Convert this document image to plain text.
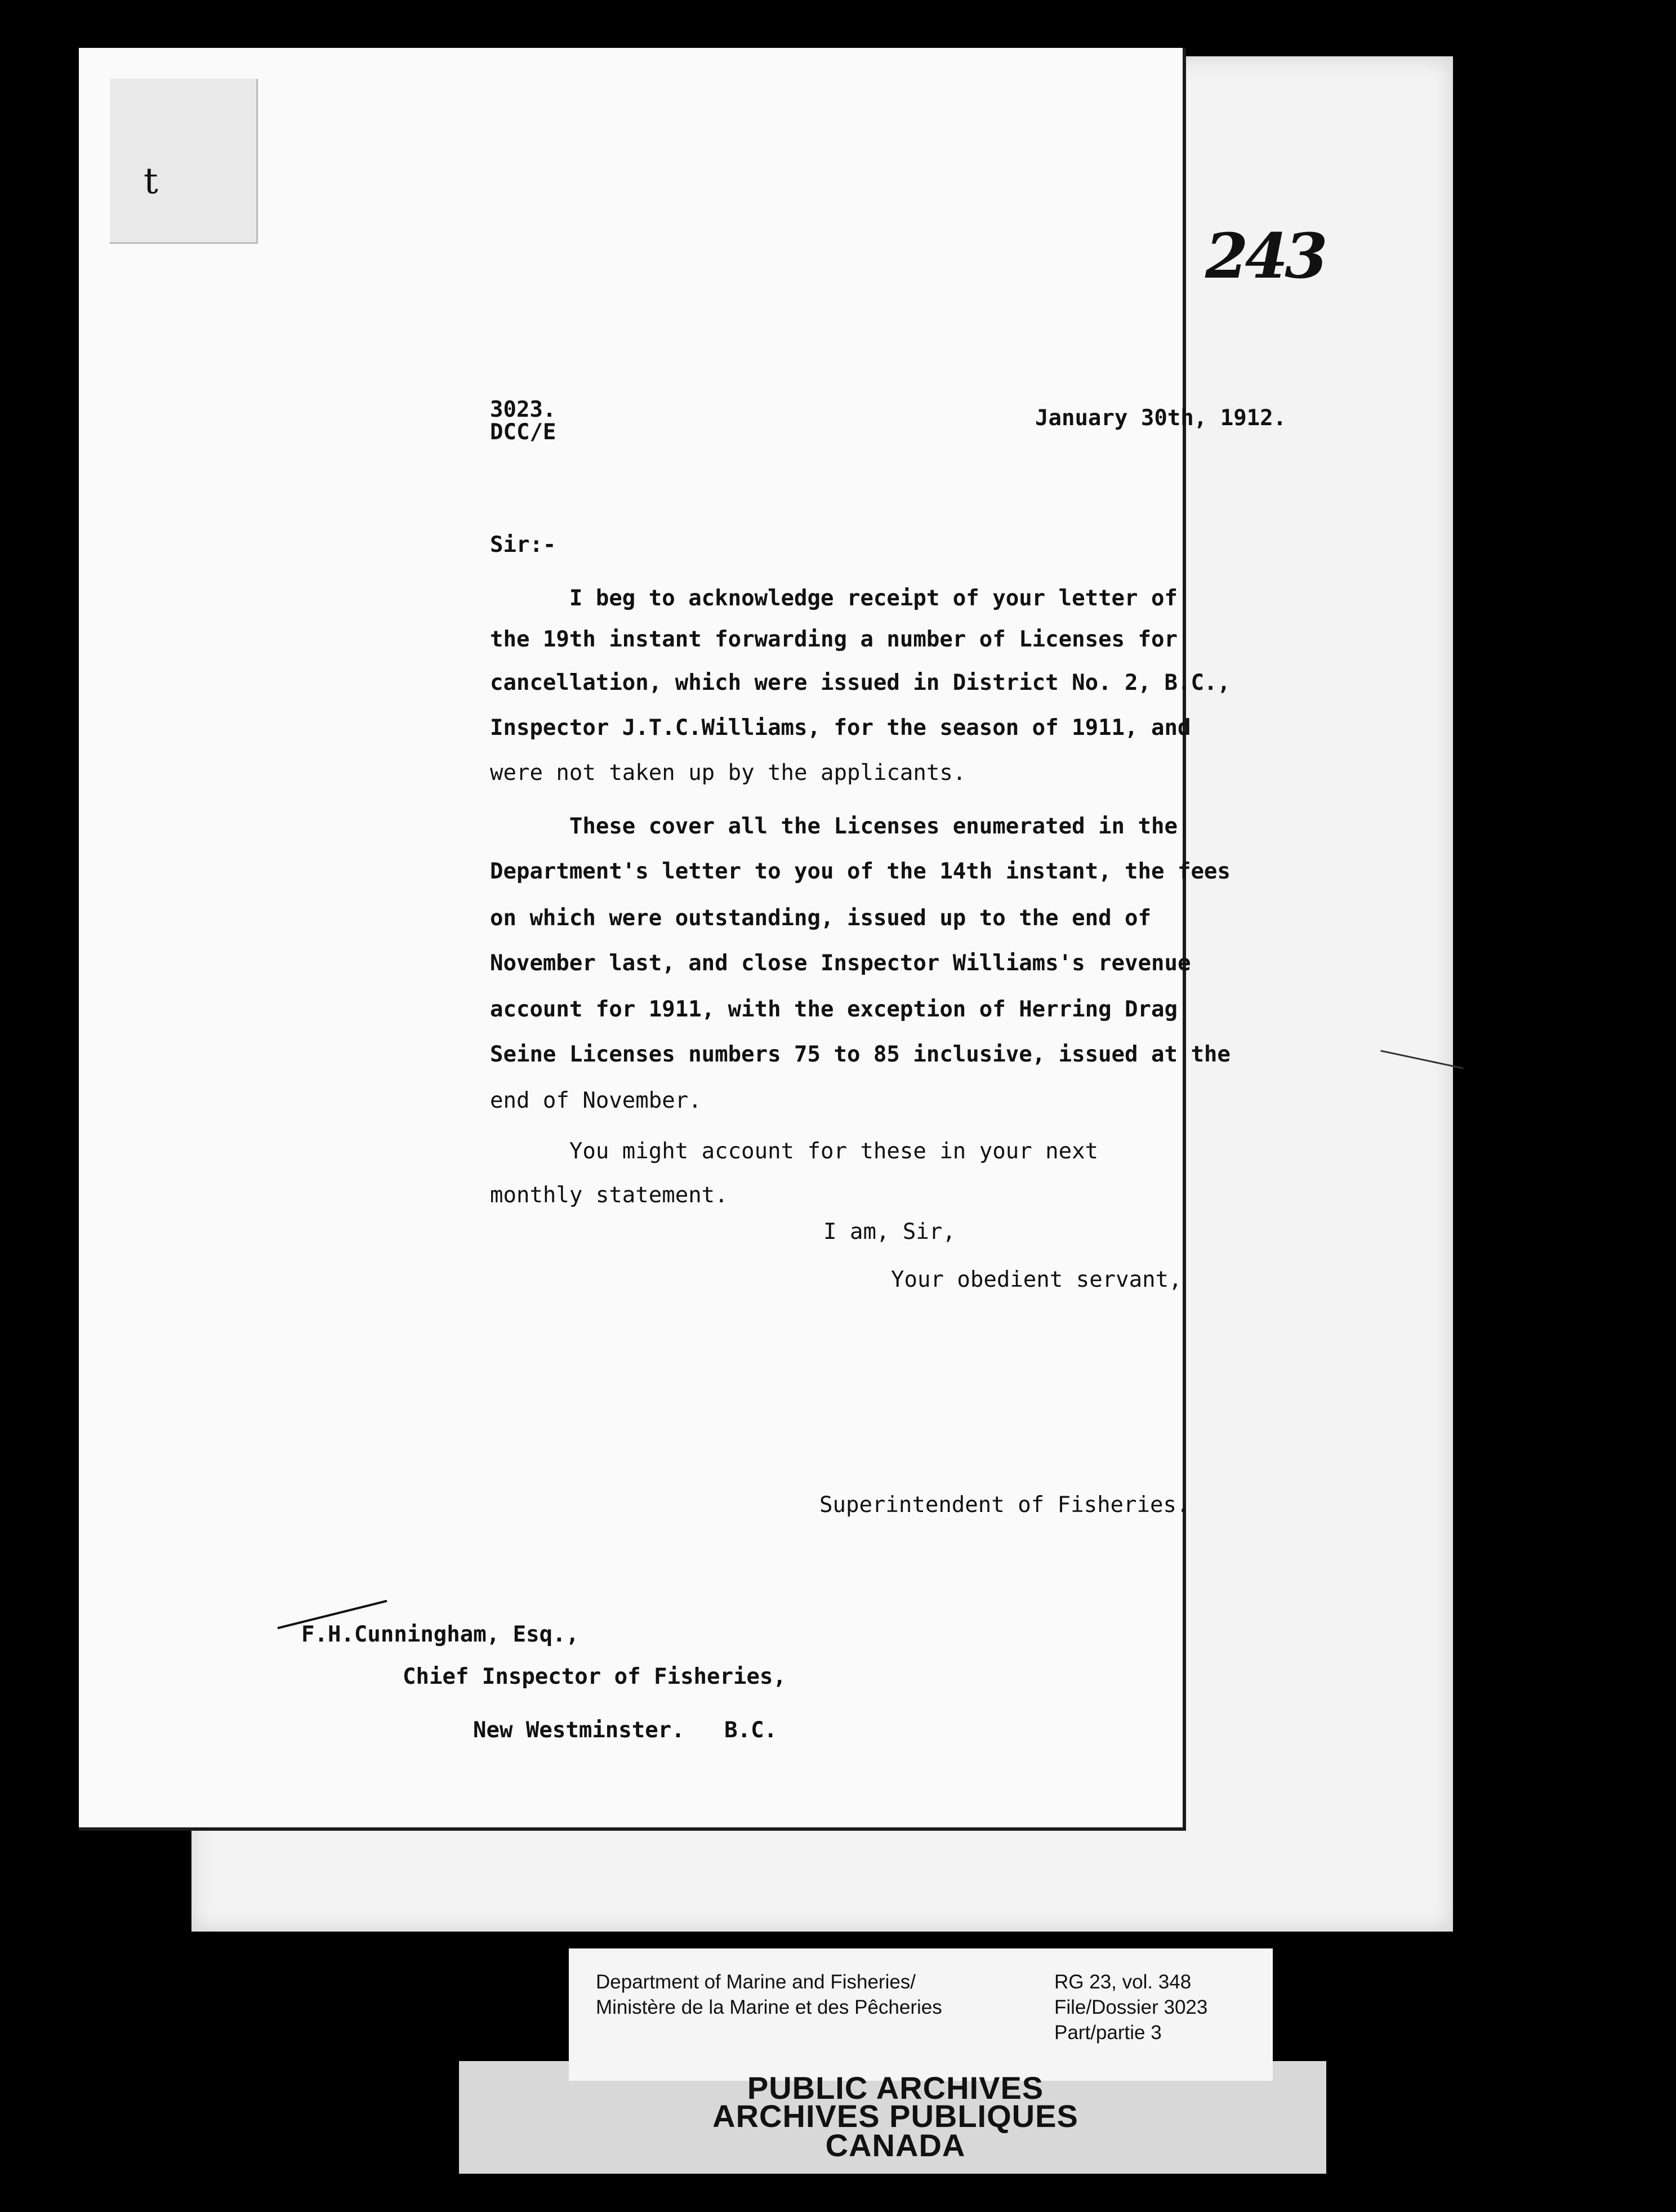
t
243
3023.
DCC/E
January 30th, 1912.
Sir:-
I beg to acknowledge receipt of your letter of
the 19th instant forwarding a number of Licenses for
cancellation, which were issued in District No. 2, B.C.,
Inspector J.T.C.Williams, for the season of 1911, and
were not taken up by the applicants.
These cover all the Licenses enumerated in the
Department's letter to you of the 14th instant, the fees
on which were outstanding, issued up to the end of
November last, and close Inspector Williams's revenue
account for 1911, with the exception of Herring Drag
Seine Licenses numbers 75 to 85 inclusive, issued at the
end of November.
You might account for these in your next
monthly statement.
I am, Sir,
Your obedient servant,
Superintendent of Fisheries.
F.H.Cunningham, Esq.,
Chief Inspector of Fisheries,
New Westminster.   B.C.
Department of Marine and Fisheries/
Ministère de la Marine et des Pêcheries
RG 23, vol. 348
File/Dossier 3023
Part/partie 3
PUBLIC ARCHIVES
ARCHIVES PUBLIQUES
CANADA
